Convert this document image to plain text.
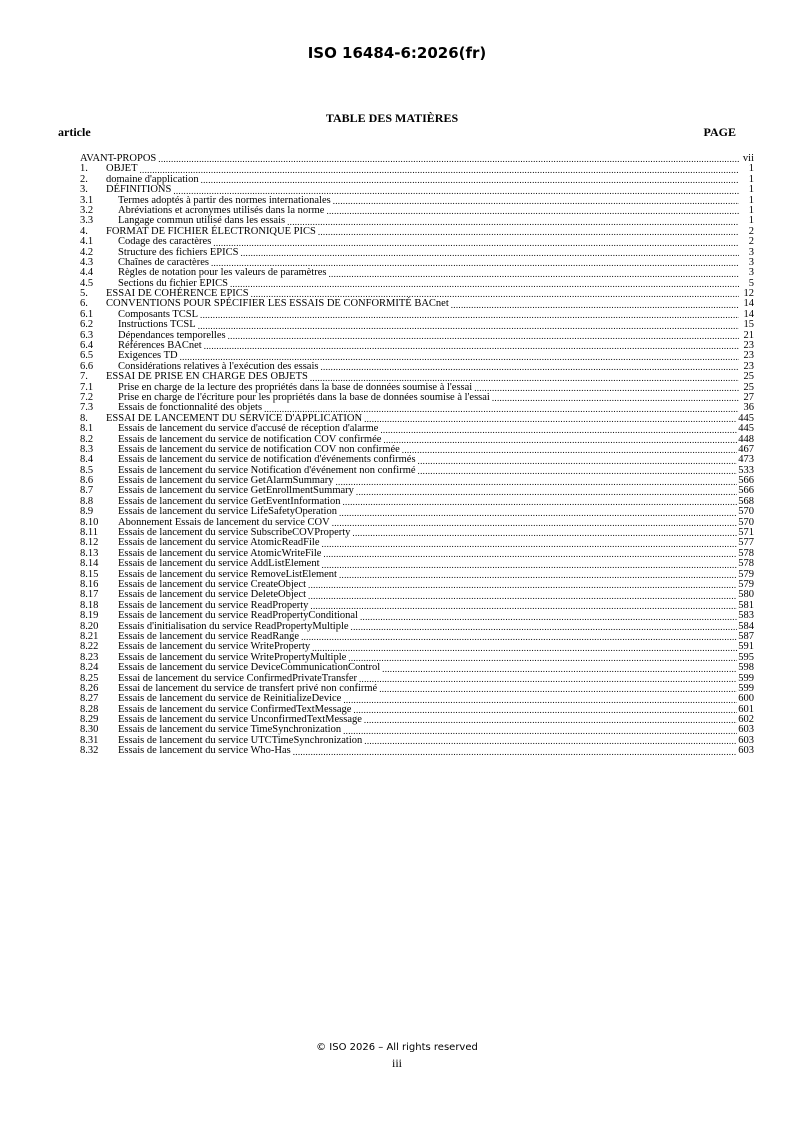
ISO 16484-6:2026(fr)
TABLE DES MATIÈRES
article	PAGE
AVANT-PROPOS .....	vii
1.	OBJET .....	1
2.	domaine d'application .....	1
3.	DÉFINITIONS .....	1
3.1	Termes adoptés à partir des normes internationales .....	1
3.2	Abréviations et acronymes utilisés dans la norme .....	1
3.3	Langage commun utilisé dans les essais .....	1
4.	FORMAT DE FICHIER ÉLECTRONIQUE PICS .....	2
4.1	Codage des caractères .....	2
4.2	Structure des fichiers EPICS .....	3
4.3	Chaînes de caractères .....	3
4.4	Règles de notation pour les valeurs de paramètres .....	3
4.5	Sections du fichier EPICS .....	5
5.	ESSAI DE COHÉRENCE EPICS .....	12
6.	CONVENTIONS POUR SPÉCIFIER LES ESSAIS DE CONFORMITÉ BACnet .....	14
6.1	Composants TCSL .....	14
6.2	Instructions TCSL .....	15
6.3	Dépendances temporelles .....	21
6.4	Références BACnet .....	23
6.5	Exigences TD .....	23
6.6	Considérations relatives à l'exécution des essais .....	23
7.	ESSAI DE PRISE EN CHARGE DES OBJETS .....	25
7.1	Prise en charge de la lecture des propriétés dans la base de données soumise à l'essai .....	25
7.2	Prise en charge de l'écriture pour les propriétés dans la base de données soumise à l'essai .....	27
7.3	Essais de fonctionnalité des objets .....	36
8.	ESSAI DE LANCEMENT DU SERVICE D'APPLICATION .....	445
8.1	Essais de lancement du service d'accusé de réception d'alarme .....	445
8.2	Essais de lancement du service de notification COV confirmée .....	448
8.3	Essais de lancement du service de notification COV non confirmée .....	467
8.4	Essais de lancement du service de notification d'événements confirmés .....	473
8.5	Essais de lancement du service Notification d'événement non confirmé .....	533
8.6	Essais de lancement du service GetAlarmSummary .....	566
8.7	Essais de lancement du service GetEnrollmentSummary .....	566
8.8	Essais de lancement du service GetEventInformation .....	568
8.9	Essais de lancement du service LifeSafetyOperation .....	570
8.10	Abonnement Essais de lancement du service COV .....	570
8.11	Essais de lancement du service SubscribeCOVProperty .....	571
8.12	Essais de lancement du service AtomicReadFile .....	577
8.13	Essais de lancement du service AtomicWriteFile .....	578
8.14	Essais de lancement du service AddListElement .....	578
8.15	Essais de lancement du service RemoveListElement .....	579
8.16	Essais de lancement du service CreateObject .....	579
8.17	Essais de lancement du service DeleteObject .....	580
8.18	Essais de lancement du service ReadProperty .....	581
8.19	Essais de lancement du service ReadPropertyConditional .....	583
8.20	Essais d'initialisation du service ReadPropertyMultiple .....	584
8.21	Essais de lancement du service ReadRange .....	587
8.22	Essais de lancement du service WriteProperty .....	591
8.23	Essais de lancement du service WritePropertyMultiple .....	595
8.24	Essais de lancement du service DeviceCommunicationControl .....	598
8.25	Essai de lancement du service ConfirmedPrivateTransfer .....	599
8.26	Essai de lancement du service de transfert privé non confirmé .....	599
8.27	Essais de lancement du service de ReinitializeDevice .....	600
8.28	Essais de lancement du service ConfirmedTextMessage .....	601
8.29	Essais de lancement du service UnconfirmedTextMessage .....	602
8.30	Essais de lancement du service TimeSynchronization .....	603
8.31	Essais de lancement du service UTCTimeSynchronization .....	603
8.32	Essais de lancement du service Who-Has .....	603
© ISO 2026 – All rights reserved
iii
